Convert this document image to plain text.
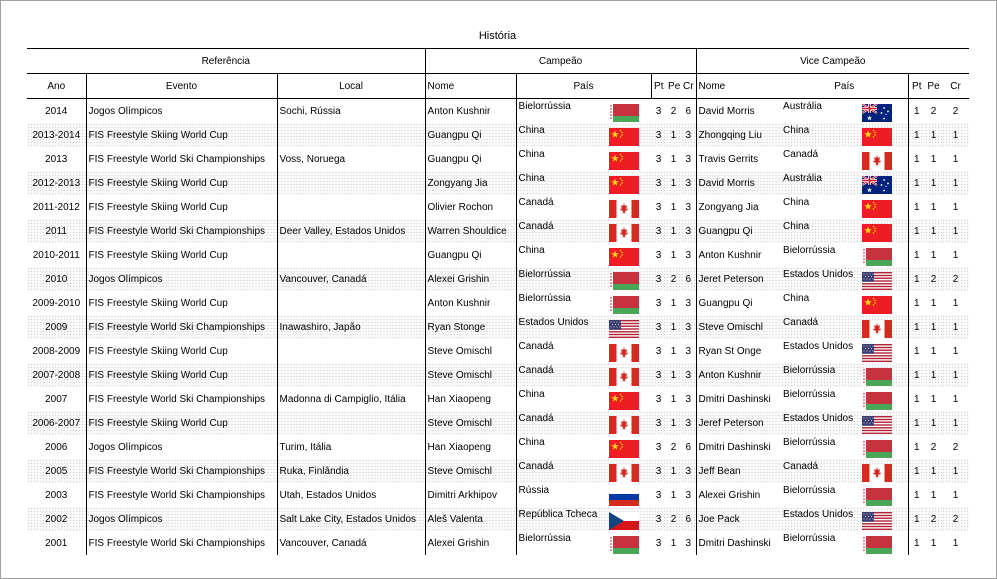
História
Referência			Campeão					Vice Campeão				
Ano	Evento	Local	Nome	País	Pt	Pe	Cr	Nome	País	Pt	Pe	Cr
2014	Jogos Olímpicos	Sochi, Rússia	Anton Kushnir	Bielorrússia	3	2	6	David Morris	Austrália	1	2	2
2013-2014	FIS Freestyle Skiing World Cup		Guangpu Qi	China	3	1	3	Zhongqing Liu	China	1	1	1
2013	FIS Freestyle World Ski Championships	Voss, Noruega	Guangpu Qi	China	3	1	3	Travis Gerrits	Canadá	1	1	1
2012-2013	FIS Freestyle Skiing World Cup		Zongyang Jia	China	3	1	3	David Morris	Austrália	1	1	1
2011-2012	FIS Freestyle Skiing World Cup		Olivier Rochon	Canadá	3	1	3	Zongyang Jia	China	1	1	1
2011	FIS Freestyle World Ski Championships	Deer Valley, Estados Unidos	Warren Shouldice	Canadá	3	1	3	Guangpu Qi	China	1	1	1
2010-2011	FIS Freestyle Skiing World Cup		Guangpu Qi	China	3	1	3	Anton Kushnir	Bielorrússia	1	1	1
2010	Jogos Olímpicos	Vancouver, Canadá	Alexei Grishin	Bielorrússia	3	2	6	Jeret Peterson	Estados Unidos	1	2	2
2009-2010	FIS Freestyle Skiing World Cup		Anton Kushnir	Bielorrússia	3	1	3	Guangpu Qi	China	1	1	1
2009	FIS Freestyle World Ski Championships	Inawashiro, Japão	Ryan Stonge	Estados Unidos	3	1	3	Steve Omischl	Canadá	1	1	1
2008-2009	FIS Freestyle Skiing World Cup		Steve Omischl	Canadá	3	1	3	Ryan St Onge	Estados Unidos	1	1	1
2007-2008	FIS Freestyle Skiing World Cup		Steve Omischl	Canadá	3	1	3	Anton Kushnir	Bielorrússia	1	1	1
2007	FIS Freestyle World Ski Championships	Madonna di Campiglio, Itália	Han Xiaopeng	China	3	1	3	Dmitri Dashinski	Bielorrússia	1	1	1
2006-2007	FIS Freestyle Skiing World Cup		Steve Omischl	Canadá	3	1	3	Jeref Peterson	Estados Unidos	1	1	1
2006	Jogos Olímpicos	Turim, Itália	Han Xiaopeng	China	3	2	6	Dmitri Dashinski	Bielorrússia	1	2	2
2005	FIS Freestyle World Ski Championships	Ruka, Finlândia	Steve Omischl	Canadá	3	1	3	Jeff Bean	Canadá	1	1	1
2003	FIS Freestyle World Ski Championships	Utah, Estados Unidos	Dimitri Arkhipov	Rússia	3	1	3	Alexei Grishin	Bielorrússia	1	1	1
2002	Jogos Olímpicos	Salt Lake City, Estados Unidos	Aleš Valenta	República Tcheca	3	2	6	Joe Pack	Estados Unidos	1	2	2
2001	FIS Freestyle World Ski Championships	Vancouver, Canadá	Alexei Grishin	Bielorrússia	3	1	3	Dmitri Dashinski	Bielorrússia	1	1	1
